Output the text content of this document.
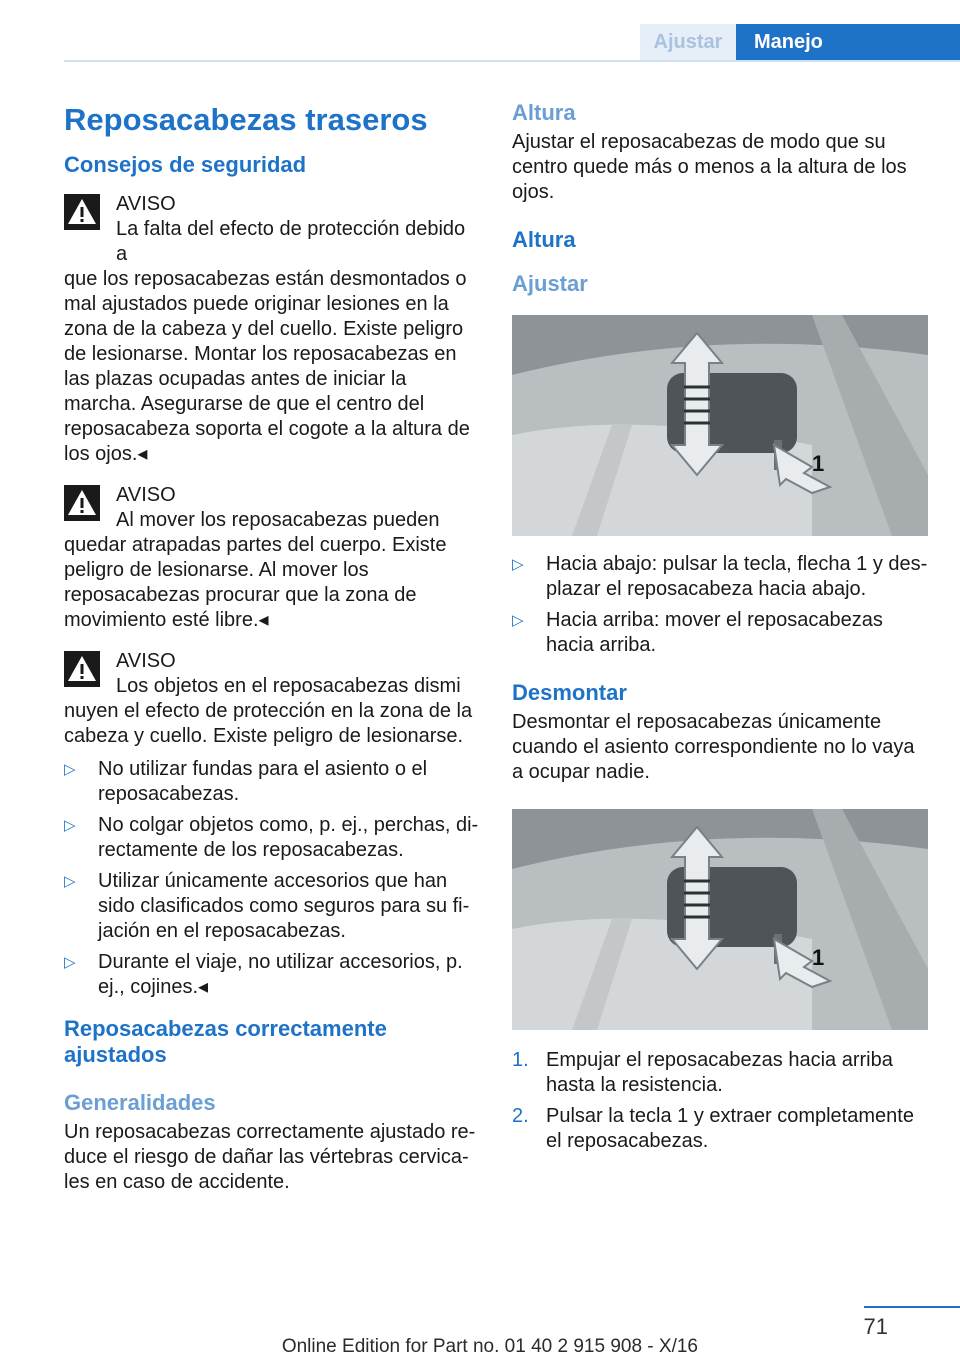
Ajustar	Manejo
Reposacabezas traseros
Consejos de seguridad

AVISO

La falta del efecto de protección debido a

que los reposacabezas están desmontados o mal ajustados puede originar lesiones en la zona de la cabeza y del cuello. Existe peligro de lesionarse. Montar los reposacabezas en las plazas ocupadas antes de iniciar la marcha. Asegurarse de que el centro del reposacabeza soporta el cogote a la altura de los ojos.◂

AVISO

Al mover los reposacabezas pueden

quedar atrapadas partes del cuerpo. Existe peligro de lesionarse. Al mover los reposacabezas procurar que la zona de movimiento esté libre.◂

AVISO

Los objetos en el reposacabezas dismi

nuyen el efecto de protección en la zona de la cabeza y cuello. Existe peligro de lesionarse.

▷	No utilizar fundas para el asiento o el reposacabezas.
▷	No colgar objetos como, p. ej., perchas, directamente de los reposacabezas.
▷	Utilizar únicamente accesorios que han sido clasificados como seguros para su fijación en el reposacabezas.
▷	Durante el viaje, no utilizar accesorios, p. ej., cojines.◂
Reposacabezas correctamente ajustados
Generalidades

Un reposacabezas correctamente ajustado reduce el riesgo de dañar las vértebras cervicales en caso de accidente.

Altura

Ajustar el reposacabezas de modo que su centro quede más o menos a la altura de los ojos.

Altura
Ajustar
1
▷	Hacia abajo: pulsar la tecla, flecha 1 y desplazar el reposacabeza hacia abajo.
▷	Hacia arriba: mover el reposacabezas hacia arriba.
Desmontar

Desmontar el reposacabezas únicamente cuando el asiento correspondiente no lo vaya a ocupar nadie.

1
1. Empujar el reposacabezas hacia arriba hasta la resistencia.
2. Pulsar la tecla 1 y extraer completamente el reposacabezas.
71
Online Edition for Part no. 01 40 2 915 908 - X/16
